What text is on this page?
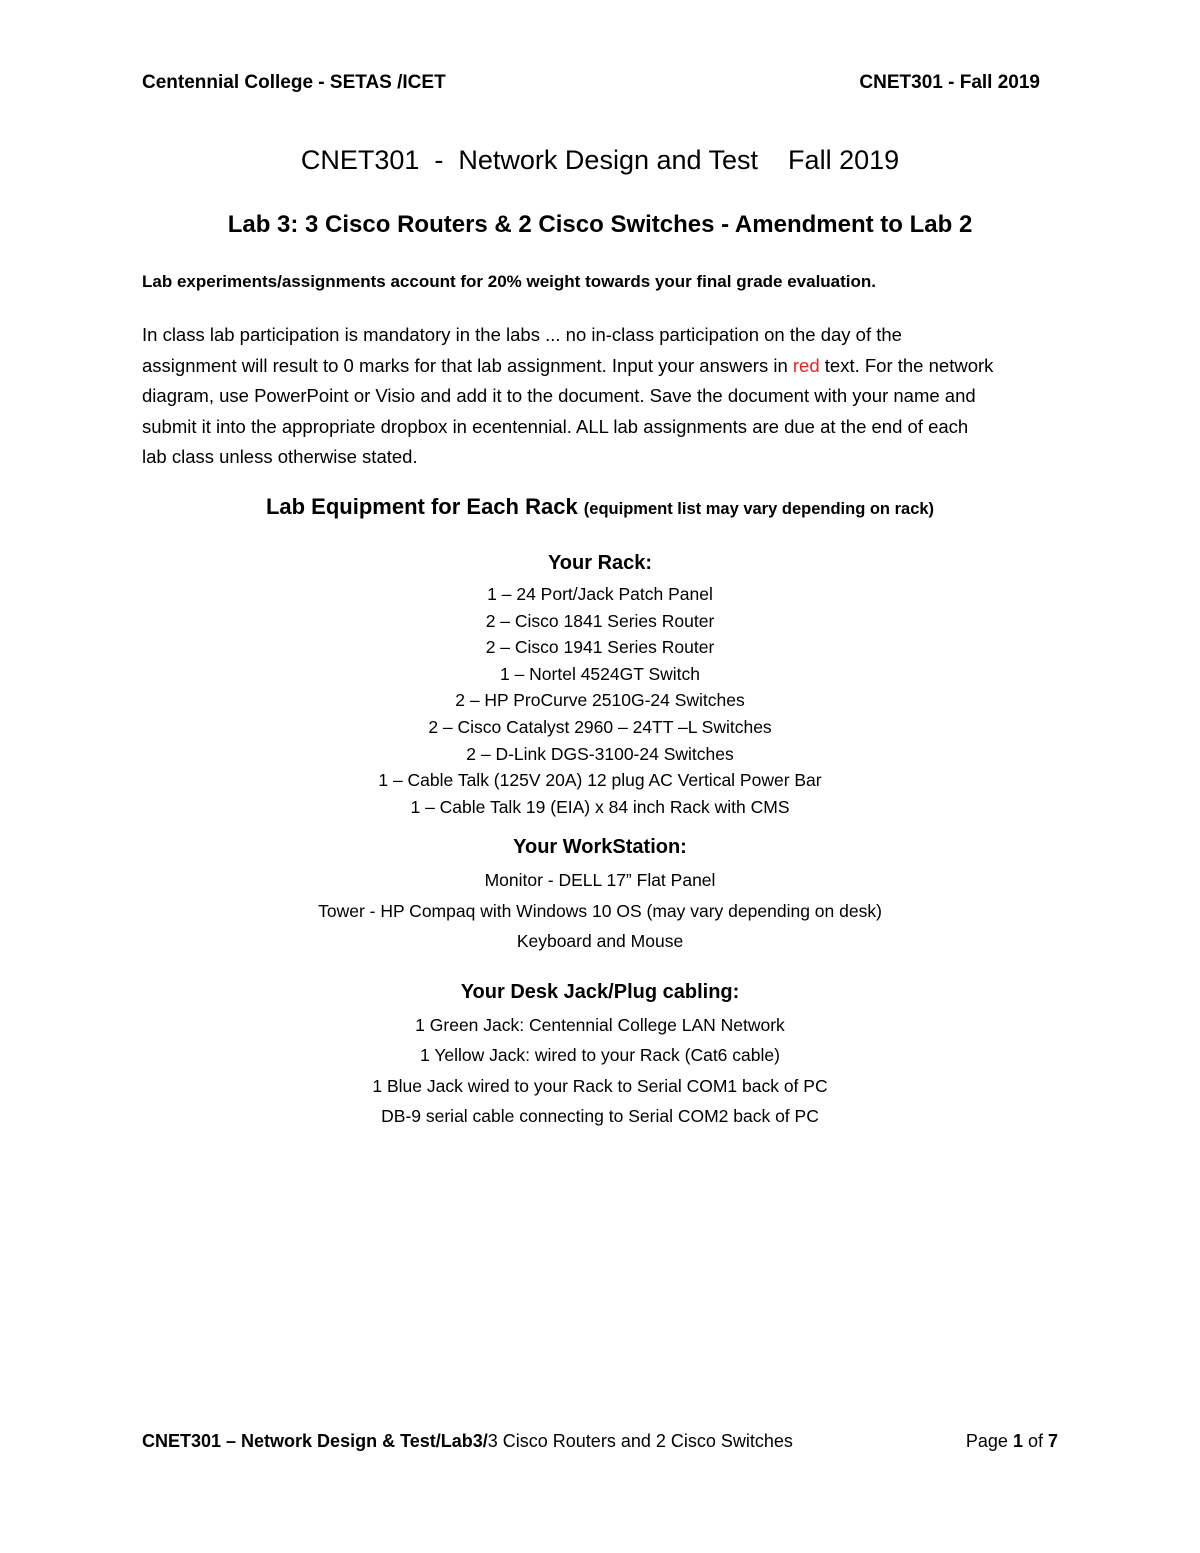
Centennial College - SETAS /ICET	CNET301 - Fall 2019
CNET301  -  Network Design and Test    Fall 2019
Lab 3: 3 Cisco Routers & 2 Cisco Switches - Amendment to Lab 2
Lab experiments/assignments account for 20% weight towards your final grade evaluation.

In class lab participation is mandatory in the labs ... no in-class participation on the day of the
assignment will result to 0 marks for that lab assignment. Input your answers in red text. For the network
diagram, use PowerPoint or Visio and add it to the document. Save the document with your name and
submit it into the appropriate dropbox in ecentennial. ALL lab assignments are due at the end of each
lab class unless otherwise stated.

Lab Equipment for Each Rack (equipment list may vary depending on rack)
Your Rack:
1 – 24 Port/Jack Patch Panel
2 – Cisco 1841 Series Router
2 – Cisco 1941 Series Router
1 – Nortel 4524GT Switch
2 – HP ProCurve 2510G-24 Switches
2 – Cisco Catalyst 2960 – 24TT –L Switches
2 – D-Link DGS-3100-24 Switches
1 – Cable Talk (125V 20A) 12 plug AC Vertical Power Bar
1 – Cable Talk 19 (EIA) x 84 inch Rack with CMS
Your WorkStation:
Monitor - DELL 17” Flat Panel
Tower - HP Compaq with Windows 10 OS (may vary depending on desk)
Keyboard and Mouse
Your Desk Jack/Plug cabling:
1 Green Jack: Centennial College LAN Network
1 Yellow Jack: wired to your Rack (Cat6 cable)
1 Blue Jack wired to your Rack to Serial COM1 back of PC
DB-9 serial cable connecting to Serial COM2 back of PC
CNET301 – Network Design & Test/Lab3/3 Cisco Routers and 2 Cisco Switches	Page 1 of 7
